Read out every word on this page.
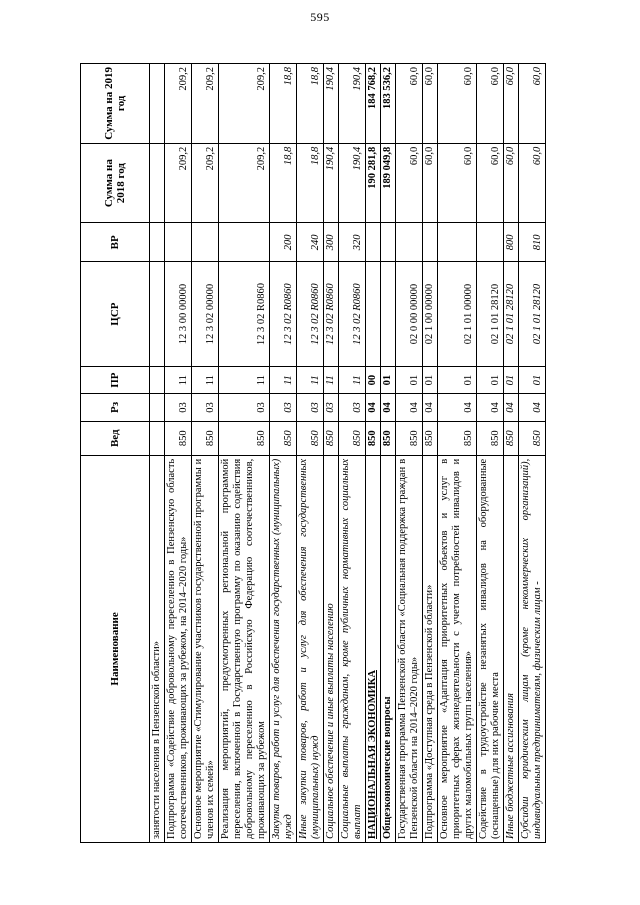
595
Наименование	Вед	Рз	ПР	ЦСР	ВР	Сумма на 2018 год	Сумма на 2019 год
занятости населения в Пензенской области»							
Подпрограмма «Содействие добровольному переселению в Пензенскую область соотечественников, проживающих за рубежом, на 2014–2020 годы»	850	03	11	12 3 00 00000		209,2	209,2
Основное мероприятие «Стимулирование участников государственной программы и членов их семей»	850	03	11	12 3 02 00000		209,2	209,2
Реализация мероприятий, предусмотренных региональной программой переселения, включенной в Государственную программу по оказанию содействия добровольному переселению в Российскую Федерацию соотечественников, проживающих за рубежом	850	03	11	12 3 02 R0860		209,2	209,2
Закупка товаров, работ и услуг для обеспечения государственных (муниципальных) нужд	850	03	11	12 3 02 R0860	200	18,8	18,8
Иные закупки товаров, работ и услуг для обеспечения государственных (муниципальных) нужд	850	03	11	12 3 02 R0860	240	18,8	18,8
Социальное обеспечение и иные выплаты населению	850	03	11	12 3 02 R0860	300	190,4	190,4
Социальные выплаты гражданам, кроме публичных нормативных социальных выплат	850	03	11	12 3 02 R0860	320	190,4	190,4
НАЦИОНАЛЬНАЯ ЭКОНОМИКА	850	04	00			190 281,8	184 768,2
Общеэкономические вопросы	850	04	01			189 049,8	183 536,2
Государственная программа Пензенской области «Социальная поддержка граждан в Пензенской области на 2014–2020 годы»	850	04	01	02 0 00 00000		60,0	60,0
Подпрограмма «Доступная среда в Пензенской области»	850	04	01	02 1 00 00000		60,0	60,0
Основное мероприятие «Адаптация приоритетных объектов и услуг в приоритетных сферах жизнедеятельности с учетом потребностей инвалидов и других маломобильных групп населения»	850	04	01	02 1 01 00000		60,0	60,0
Содействие в трудоустройстве незанятых инвалидов на оборудованные (оснащенные) для них рабочие места	850	04	01	02 1 01 28120		60,0	60,0
Иные бюджетные ассигнования	850	04	01	02 1 01 28120	800	60,0	60,0
Субсидии юридическим лицам (кроме некоммерческих организаций), индивидуальным предпринимателям, физическим лицам -	850	04	01	02 1 01 28120	810	60,0	60,0
